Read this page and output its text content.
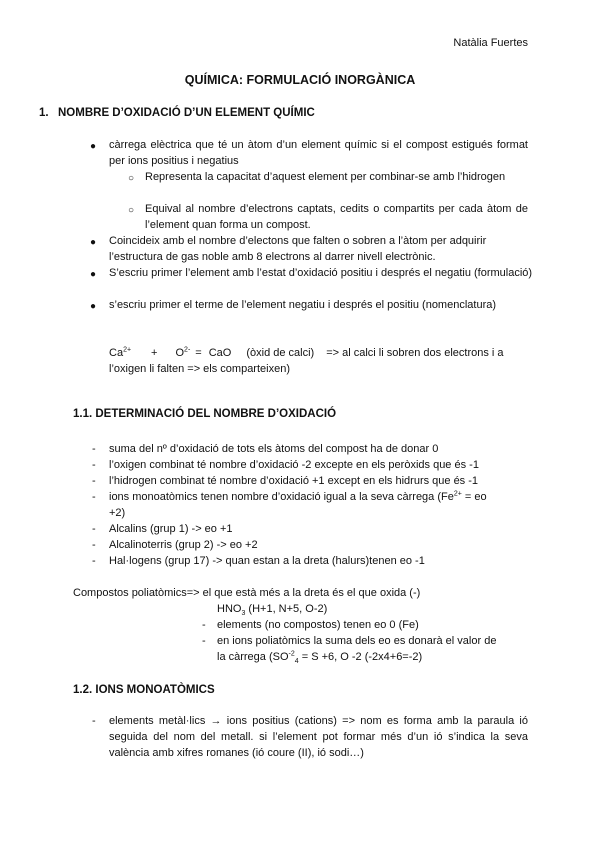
Natàlia Fuertes
QUÍMICA: FORMULACIÓ INORGÀNICA
1. NOMBRE D’OXIDACIÓ D’UN ELEMENT QUÍMIC
● càrrega elèctrica que té un àtom d’un element químic si el compost estigués format per ions positius i negatius
○ Representa la capacitat d’aquest element per combinar-se amb l’hidrogen
○ Equival al nombre d’electrons captats, cedits o compartits per cada àtom de l’element quan forma un compost.
● Coincideix amb el nombre d’electons que falten o sobren a l’àtom per adquirir l’estructura de gas noble amb 8 electrons al darrer nivell electrònic.
● S’escriu primer l’element amb l’estat d’oxidació positiu i després el negatiu (formulació)
● s’escriu primer el terme de l’element negatiu i després el positiu (nomenclatura)
$Ca^{2+} + O^{2-}$ = CaO (òxid de calci) => al calci li sobren dos electrons i a
l’oxigen li falten => els comparteixen)
1.1. DETERMINACIÓ DEL NOMBRE D’OXIDACIÓ
- suma del nº d’oxidació de tots els àtoms del compost ha de donar 0
- l’oxigen combinat té nombre d’oxidació -2 excepte en els peròxids que és -1
- l’hidrogen combinat té nombre d’oxidació +1 except en els hidrurs que és -1
- ions monoatòmics tenen nombre d’oxidació igual a la seva càrrega ($Fe^{2+}$ = eo
+2)
- Alcalins (grup 1) -> eo +1
- Alcalinoterris (grup 2) -> eo +2
- Hal·logens (grup 17) -> quan estan a la dreta (halurs)tenen eo -1
Compostos poliatòmics=> el que està més a la dreta és el que oxida (-)
$HNO_3$ (H+1, N+5, O-2)
- elements (no compostos) tenen eo 0 (Fe)
- en ions poliatòmics la suma dels eo es donarà el valor de
la càrrega ($SO^{-2}_4 = S +6$, O -2 (-2x4+6=-2)
1.2. IONS MONOATÒMICS
- elements metàl·lics → ions positius (cations) => nom es forma amb la paraula ió seguida del nom del metall. si l’element pot formar més d’un ió s’indica la seva valència amb xifres romanes (ió coure (II), ió sodi…)
